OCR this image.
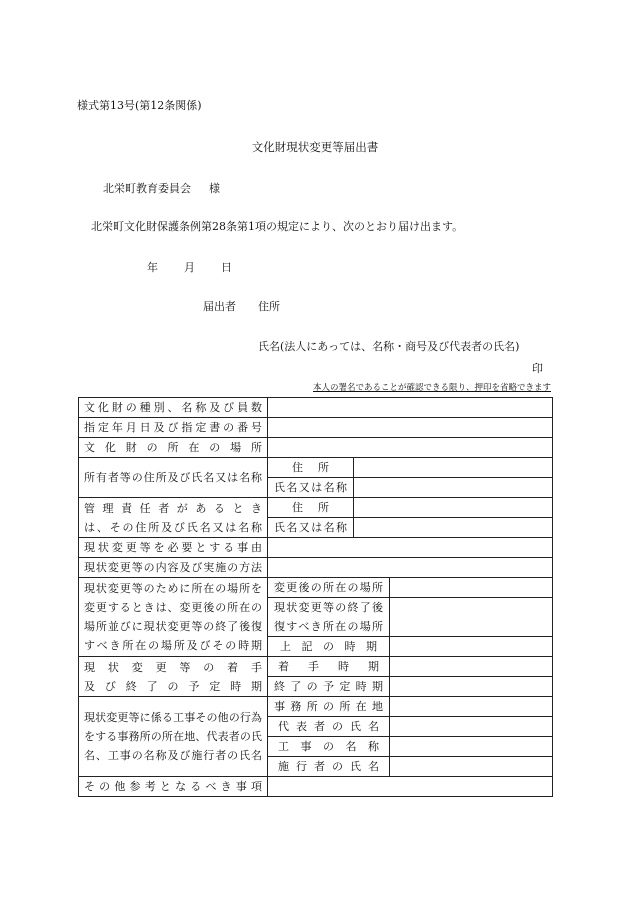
様式第13号(第12条関係)
文化財現状変更等届出書
北栄町教育委員会 様
北栄町文化財保護条例第28条第1項の規定により、次のとおり届け出ます。
年 月 日
届出者 住所
氏名(法人にあっては、名称・商号及び代表者の氏名)
印
本人の署名であることが確認できる限り、押印を省略できます
文化財の種別、名称及び員数			

指定年月日及び指定書の番号			

文化財の所在の場所			

所有者等の住所及び氏名又は名称	住所		

	氏名又は名称		

管理責任者があるとき
は、その住所及び氏名又は名称	住所		

	氏名又は名称		

現状変更等を必要とする事由			

現状変更等の内容及び実施の方法			

現状変更等のために所在の場所を
変更するときは、変更後の所在の
場所並びに現状変更等の終了後復
すべき所在の場所及びその時期	変更後の所在の場所		

	現状変更等の終了後
復すべき所在の場所		

	上記の時期		

現状変更等の着手
及び終了の予定時期	着手時期		

	終了の予定時期		

現状変更等に係る工事その他の行為
をする事務所の所在地、代表者の氏
名、工事の名称及び施行者の氏名	事務所の所在地		

	代表者の氏名		

	工事の名称		

	施行者の氏名		

その他参考となるべき事項			
